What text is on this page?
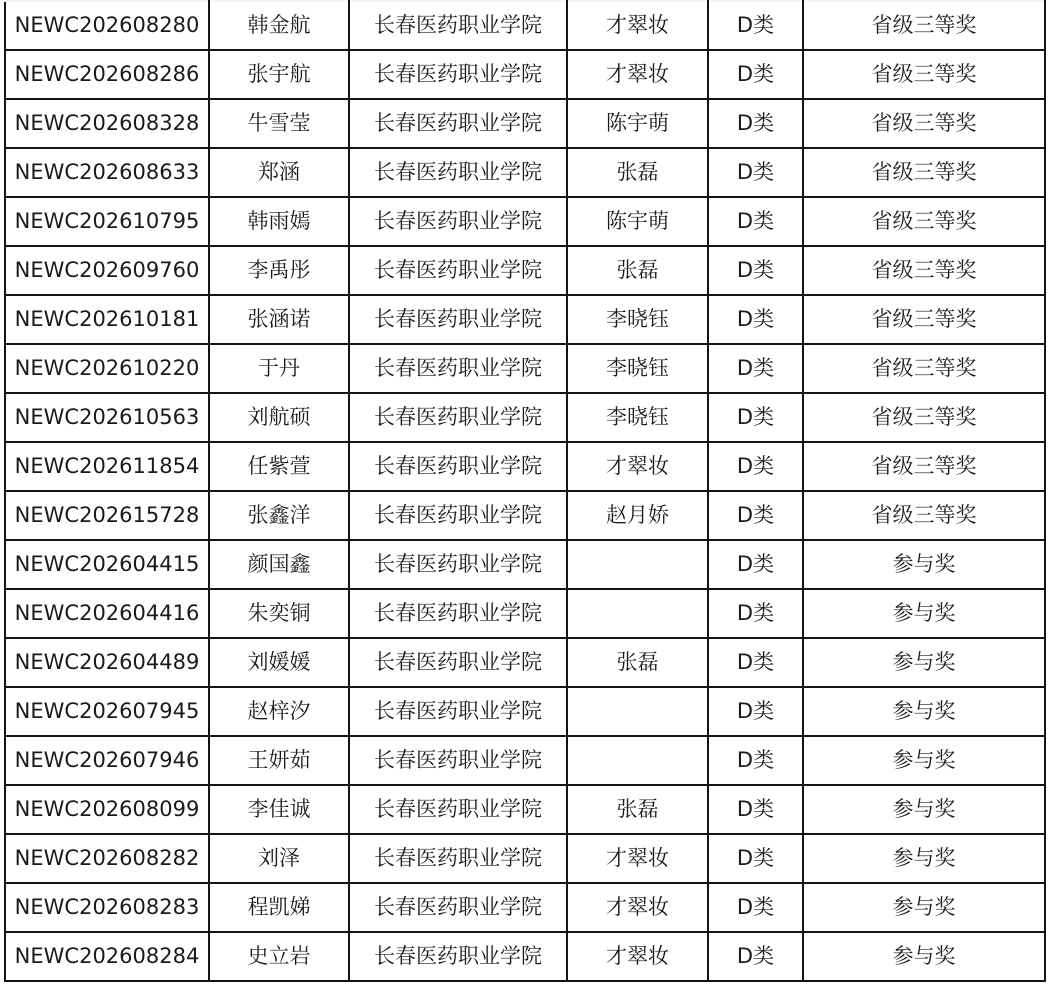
NEWC202608280	韩金航	长春医药职业学院	才翠妆	D类	省级三等奖
NEWC202608286	张宇航	长春医药职业学院	才翠妆	D类	省级三等奖
NEWC202608328	牛雪莹	长春医药职业学院	陈宇萌	D类	省级三等奖
NEWC202608633	郑涵	长春医药职业学院	张磊	D类	省级三等奖
NEWC202610795	韩雨嫣	长春医药职业学院	陈宇萌	D类	省级三等奖
NEWC202609760	李禹彤	长春医药职业学院	张磊	D类	省级三等奖
NEWC202610181	张涵诺	长春医药职业学院	李晓钰	D类	省级三等奖
NEWC202610220	于丹	长春医药职业学院	李晓钰	D类	省级三等奖
NEWC202610563	刘航硕	长春医药职业学院	李晓钰	D类	省级三等奖
NEWC202611854	任紫萱	长春医药职业学院	才翠妆	D类	省级三等奖
NEWC202615728	张鑫洋	长春医药职业学院	赵月娇	D类	省级三等奖
NEWC202604415	颜国鑫	长春医药职业学院		D类	参与奖
NEWC202604416	朱奕铜	长春医药职业学院		D类	参与奖
NEWC202604489	刘媛媛	长春医药职业学院	张磊	D类	参与奖
NEWC202607945	赵梓汐	长春医药职业学院		D类	参与奖
NEWC202607946	王妍茹	长春医药职业学院		D类	参与奖
NEWC202608099	李佳诚	长春医药职业学院	张磊	D类	参与奖
NEWC202608282	刘泽	长春医药职业学院	才翠妆	D类	参与奖
NEWC202608283	程凯娣	长春医药职业学院	才翠妆	D类	参与奖
NEWC202608284	史立岩	长春医药职业学院	才翠妆	D类	参与奖
